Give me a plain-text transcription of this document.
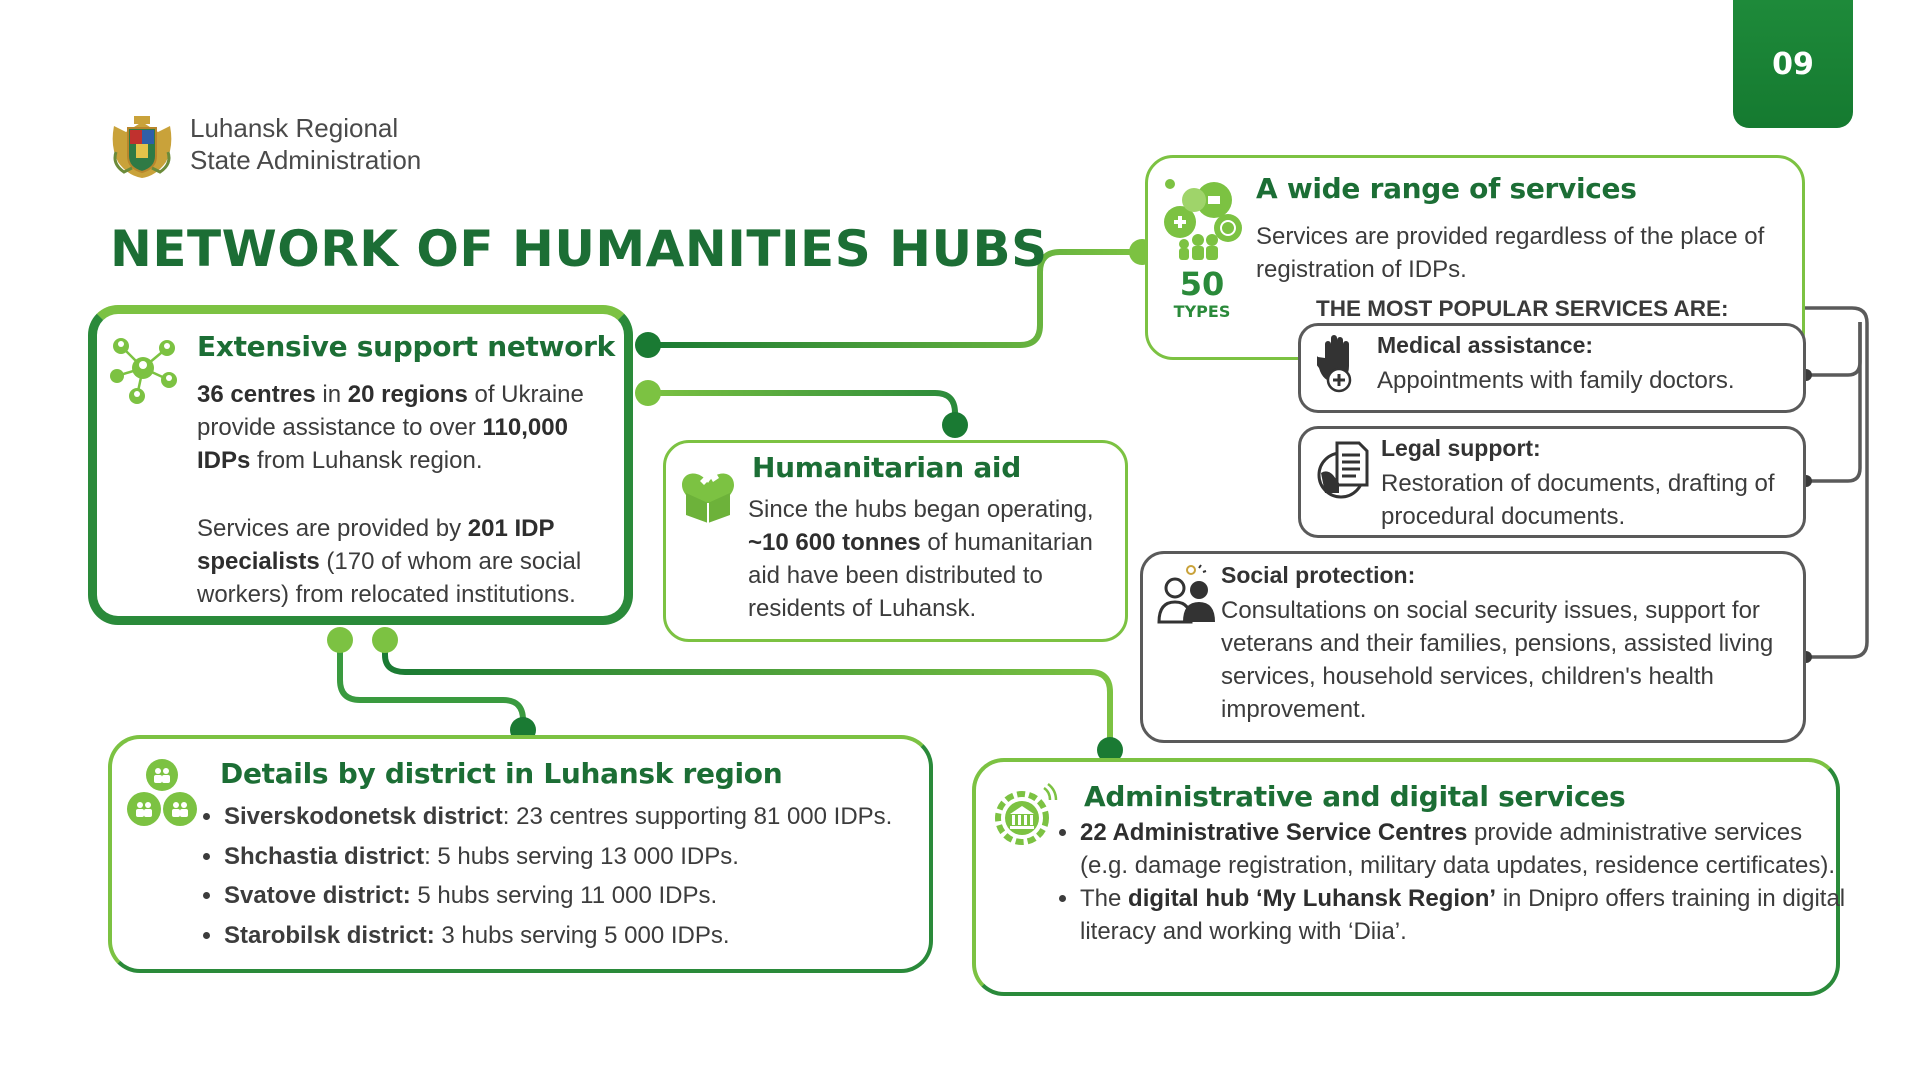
09
Luhansk Regional
State Administration
NETWORK OF HUMANITIES HUBS
Extensive support network
36 centres in 20 regions of Ukraine provide assistance to over 110,000 IDPs from Luhansk region.
Services are provided by 201 IDP specialists (170 of whom are social workers) from relocated institutions.
Humanitarian aid
Since the hubs began operating, ~10 600 tonnes of humanitarian aid have been distributed to residents of Luhansk.
50
TYPES
A wide range of services
Services are provided regardless of the place of registration of IDPs.
THE MOST POPULAR SERVICES ARE:
Medical assistance:
Appointments with family doctors.
Legal support:
Restoration of documents, drafting of procedural documents.
Social protection:
Consultations on social security issues, support for veterans and their families, pensions, assisted living services, household services, children's health improvement.
Details by district in Luhansk region
• Siverskodonetsk district: 23 centres supporting 81 000 IDPs.
• Shchastia district: 5 hubs serving 13 000 IDPs.
• Svatove district: 5 hubs serving 11 000 IDPs.
• Starobilsk district: 3 hubs serving 5 000 IDPs.
Administrative and digital services
• 22 Administrative Service Centres provide administrative services (e.g. damage registration, military data updates, residence certificates).
• The digital hub ‘My Luhansk Region’ in Dnipro offers training in digital literacy and working with ‘Diia’.
